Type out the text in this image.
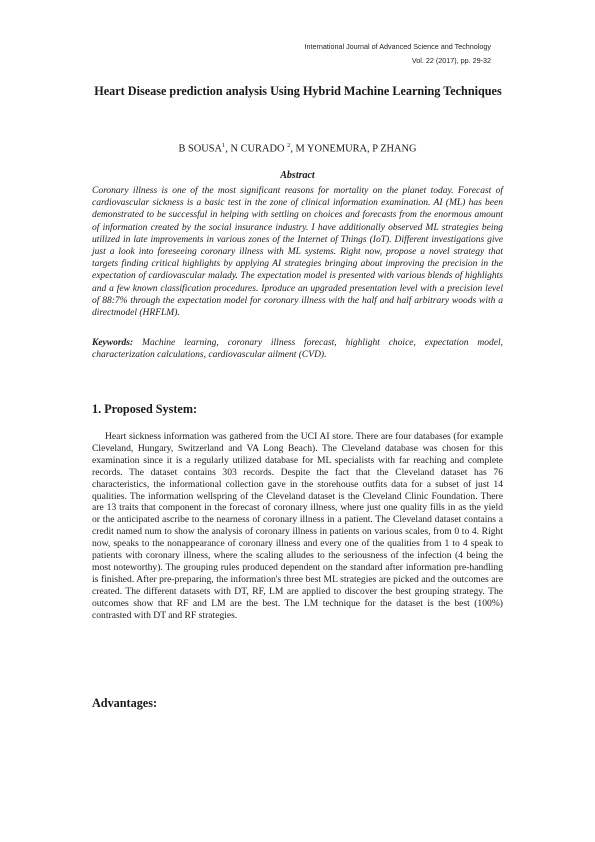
International Journal of Advanced Science and Technology
Vol. 22 (2017), pp. 29-32
Heart Disease prediction analysis Using Hybrid Machine Learning Techniques
B SOUSA$^1$, N CURADO $^2$, M YONEMURA, P ZHANG
Abstract

Coronary illness is one of the most significant reasons for mortality on the planet today. Forecast of cardiovascular sickness is a basic test in the zone of clinical information examination. AI (ML) has been demonstrated to be successful in helping with settling on choices and forecasts from the enormous amount of information created by the social insurance industry. I have additionally observed ML strategies being utilized in late improvements in various zones of the Internet of Things (IoT). Different investigations give just a look into foreseeing coronary illness with ML systems. Right now, propose a novel strategy that targets finding critical highlights by applying AI strategies bringing about improving the precision in the expectation of cardiovascular malady. The expectation model is presented with various blends of highlights and a few known classification procedures. Iproduce an upgraded presentation level with a precision level of 88:7% through the expectation model for coronary illness with the half and half arbitrary woods with a directmodel (HRFLM).

Keywords: Machine learning, coronary illness forecast, highlight choice, expectation model, characterization calculations, cardiovascular ailment (CVD).

1. Proposed System:

Heart sickness information was gathered from the UCI AI store. There are four databases (for example Cleveland, Hungary, Switzerland and VA Long Beach). The Cleveland database was chosen for this examination since it is a regularly utilized database for ML specialists with far reaching and complete records. The dataset contains 303 records. Despite the fact that the Cleveland dataset has 76 characteristics, the informational collection gave in the storehouse outfits data for a subset of just 14 qualities. The information wellspring of the Cleveland dataset is the Cleveland Clinic Foundation. There are 13 traits that component in the forecast of coronary illness, where just one quality fills in as the yield or the anticipated ascribe to the nearness of coronary illness in a patient. The Cleveland dataset contains a credit named num to show the analysis of coronary illness in patients on various scales, from 0 to 4. Right now, speaks to the nonappearance of coronary illness and every one of the qualities from 1 to 4 speak to patients with coronary illness, where the scaling alludes to the seriousness of the infection (4 being the most noteworthy). The grouping rules produced dependent on the standard after information pre-handling is finished. After pre-preparing, the information's three best ML strategies are picked and the outcomes are created. The different datasets with DT, RF, LM are applied to discover the best grouping strategy. The outcomes show that RF and LM are the best. The LM technique for the dataset is the best (100%) contrasted with DT and RF strategies.

Advantages:
